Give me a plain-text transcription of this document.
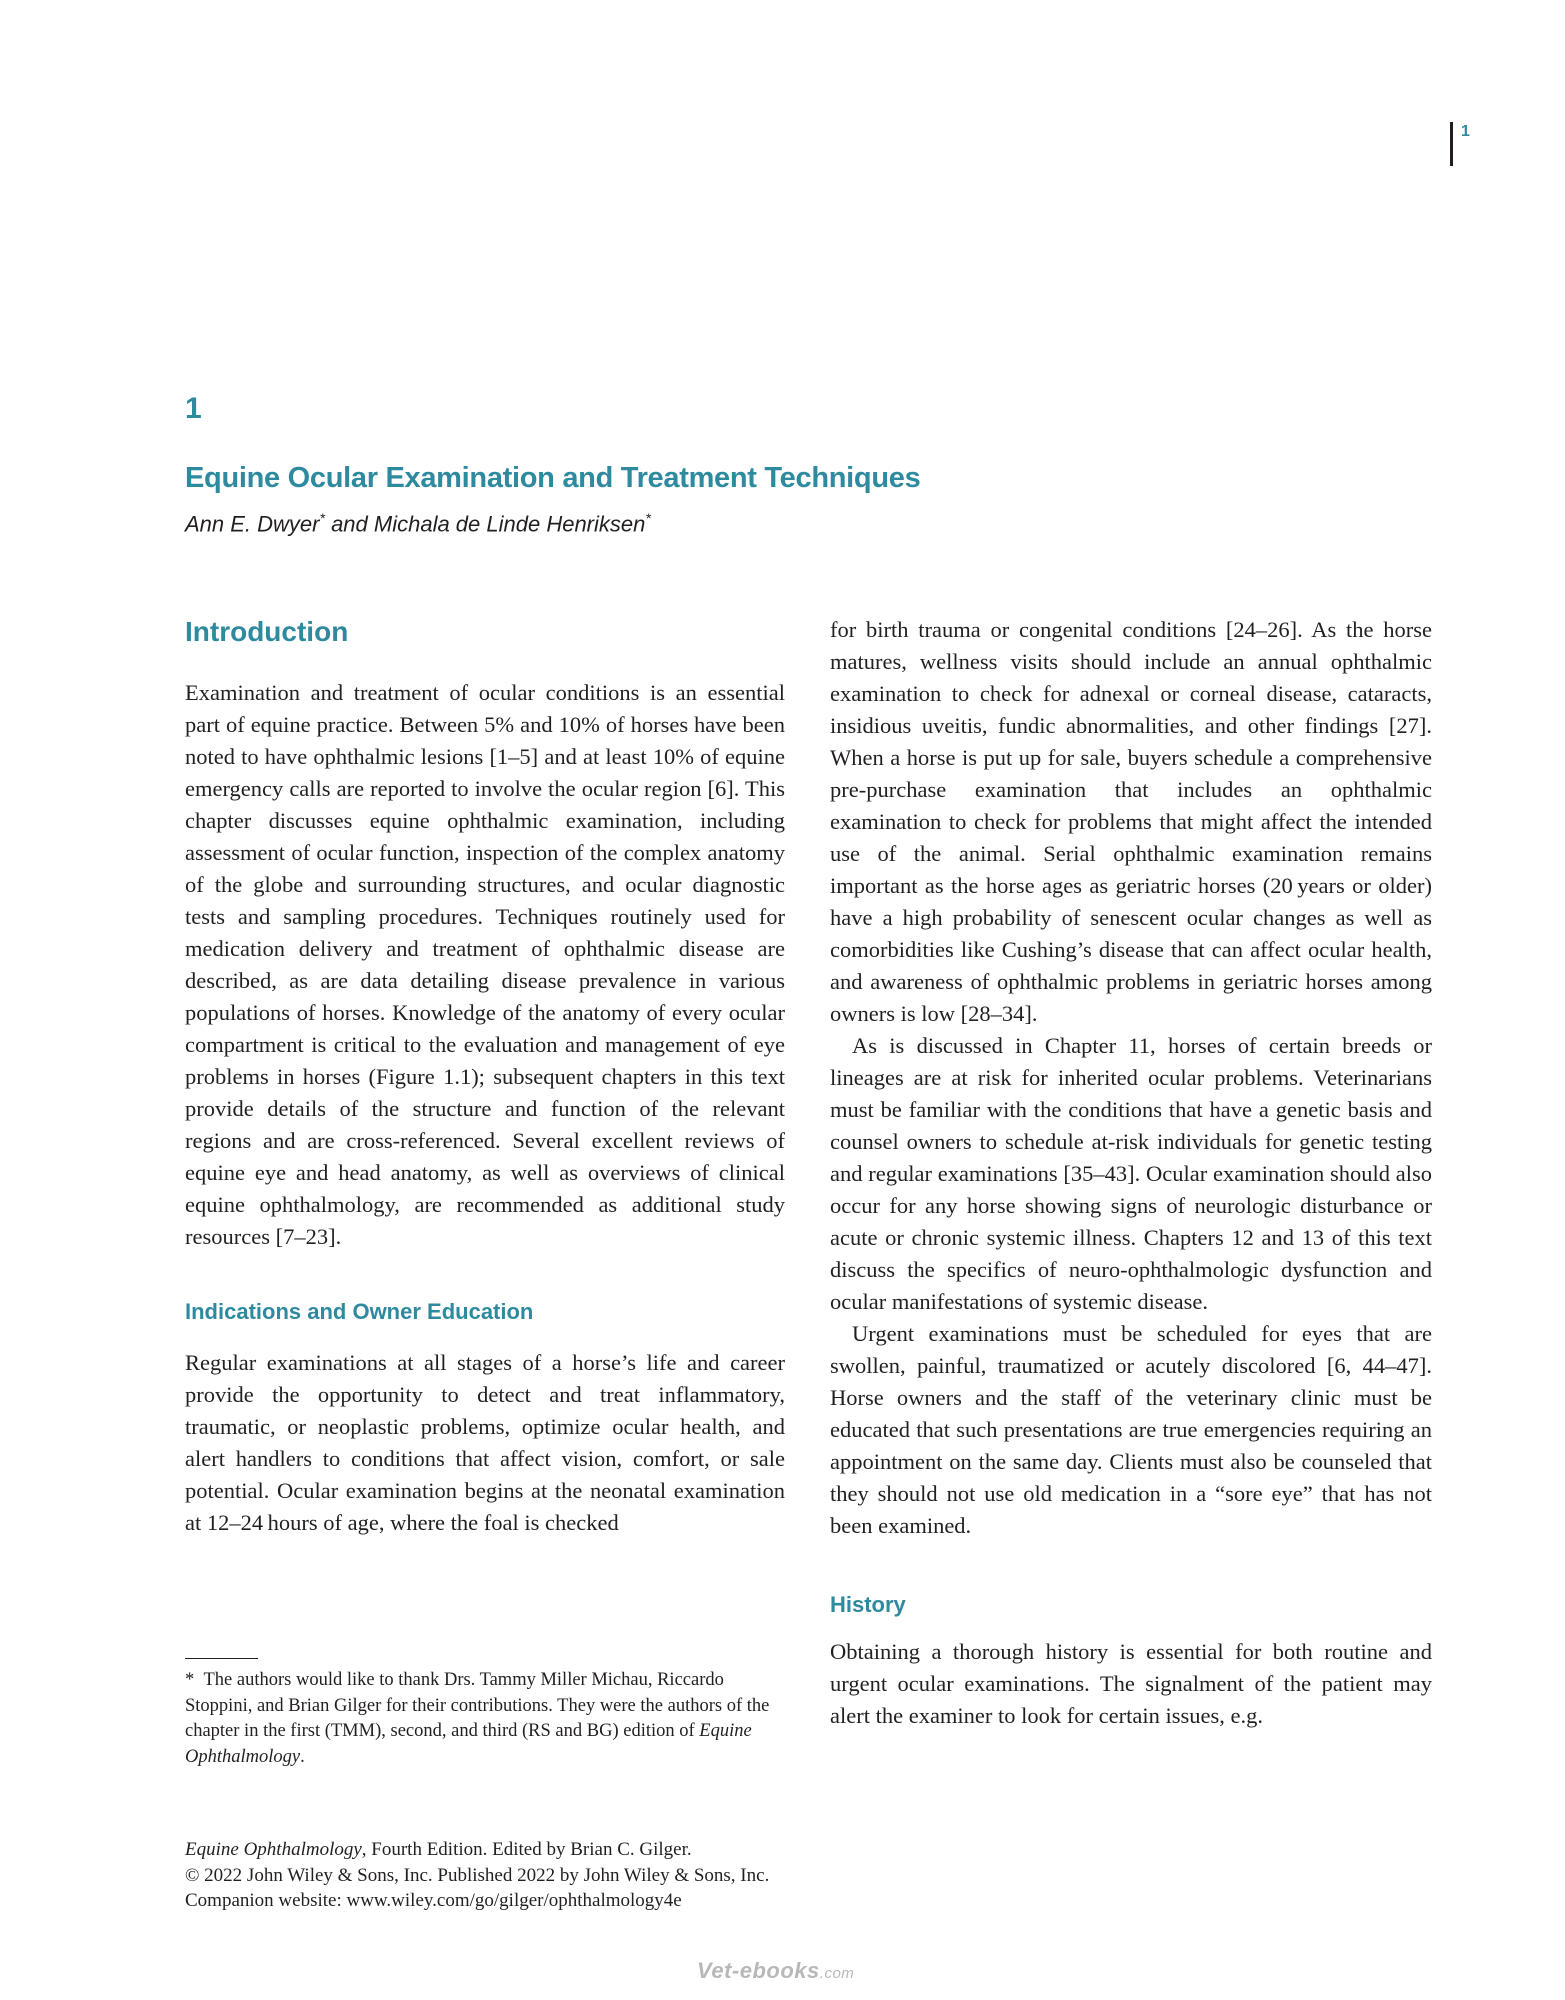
1
1
Equine Ocular Examination and Treatment Techniques
Ann E. Dwyer* and Michala de Linde Henriksen*
Introduction

Examination and treatment of ocular conditions is an essential part of equine practice. Between 5% and 10% of horses have been noted to have ophthalmic lesions [1–5] and at least 10% of equine emergency calls are reported to involve the ocular region [6]. This chapter discusses equine ophthalmic examination, including assessment of ocular function, inspection of the complex anatomy of the globe and surrounding structures, and ocular diagnostic tests and sampling procedures. Techniques routinely used for medication delivery and treatment of ophthalmic disease are described, as are data detailing disease prevalence in various populations of horses. Knowledge of the anatomy of every ocular compartment is critical to the evaluation and management of eye problems in horses (Figure 1.1); subsequent chapters in this text provide details of the structure and function of the relevant regions and are cross-referenced. Several excellent reviews of equine eye and head anatomy, as well as overviews of clinical equine ophthalmology, are recommended as additional study resources [7–23].

Indications and Owner Education

Regular examinations at all stages of a horse’s life and career provide the opportunity to detect and treat inflammatory, traumatic, or neoplastic problems, optimize ocular health, and alert handlers to conditions that affect vision, comfort, or sale potential. Ocular examination begins at the neonatal examination at 12–24 hours of age, where the foal is checked

for birth trauma or congenital conditions [24–26]. As the horse matures, wellness visits should include an annual ophthalmic examination to check for adnexal or corneal disease, cataracts, insidious uveitis, fundic abnormalities, and other findings [27]. When a horse is put up for sale, buyers schedule a comprehensive pre-purchase examination that includes an ophthalmic examination to check for problems that might affect the intended use of the animal. Serial ophthalmic examination remains important as the horse ages as geriatric horses (20 years or older) have a high probability of senescent ocular changes as well as comorbidities like Cushing’s disease that can affect ocular health, and awareness of ophthalmic problems in geriatric horses among owners is low [28–34].

As is discussed in Chapter 11, horses of certain breeds or lineages are at risk for inherited ocular problems. Veterinarians must be familiar with the conditions that have a genetic basis and counsel owners to schedule at-risk individuals for genetic testing and regular examinations [35–43]. Ocular examination should also occur for any horse showing signs of neurologic disturbance or acute or chronic systemic illness. Chapters 12 and 13 of this text discuss the specifics of neuro-ophthalmologic dysfunction and ocular manifestations of systemic disease.

Urgent examinations must be scheduled for eyes that are swollen, painful, traumatized or acutely discolored [6, 44–47]. Horse owners and the staff of the veterinary clinic must be educated that such presentations are true emergencies requiring an appointment on the same day. Clients must also be counseled that they should not use old medication in a “sore eye” that has not been examined.

History

Obtaining a thorough history is essential for both routine and urgent ocular examinations. The signalment of the patient may alert the examiner to look for certain issues, e.g.

* The authors would like to thank Drs. Tammy Miller Michau, Riccardo Stoppini, and Brian Gilger for their contributions. They were the authors of the chapter in the first (TMM), second, and third (RS and BG) edition of Equine Ophthalmology.

Equine Ophthalmology, Fourth Edition. Edited by Brian C. Gilger.
© 2022 John Wiley & Sons, Inc. Published 2022 by John Wiley & Sons, Inc.
Companion website: www.wiley.com/go/gilger/ophthalmology4e
Vet-ebooks.com
